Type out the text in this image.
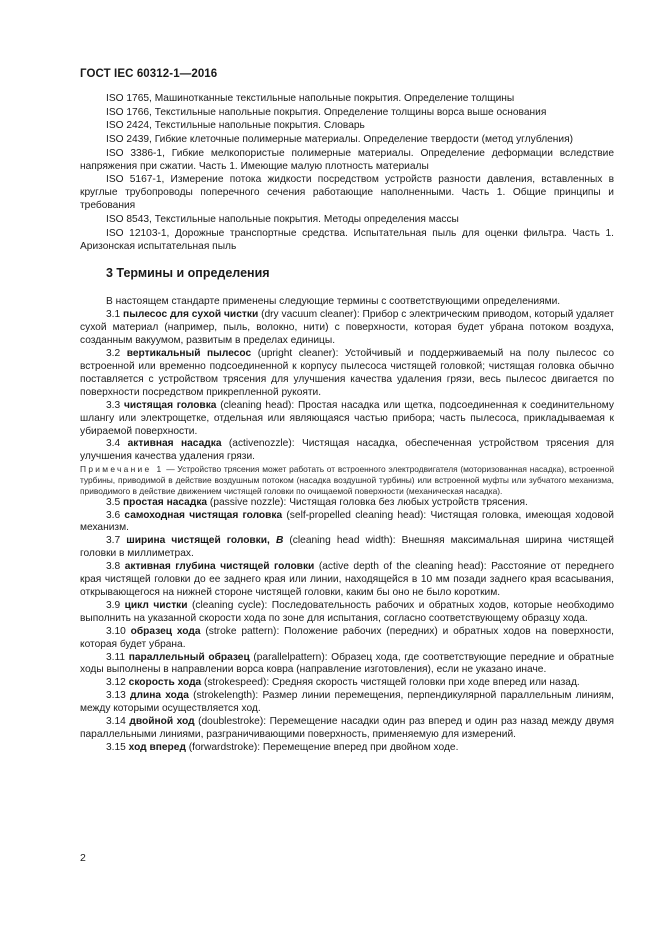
ГОСТ IEC 60312-1—2016

ISO 1765, Машинотканные текстильные напольные покрытия. Определение толщины

ISO 1766, Текстильные напольные покрытия. Определение толщины ворса выше основания

ISO 2424, Текстильные напольные покрытия. Словарь

ISO 2439, Гибкие клеточные полимерные материалы. Определение твердости (метод углубления)

ISO 3386-1, Гибкие мелкопористые полимерные материалы. Определение деформации вследствие напряжения при сжатии. Часть 1. Имеющие малую плотность материалы

ISO 5167-1, Измерение потока жидкости посредством устройств разности давления, вставленных в круглые трубопроводы поперечного сечения работающие наполненными. Часть 1. Общие принципы и требования

ISO 8543, Текстильные напольные покрытия. Методы определения массы

ISO 12103-1, Дорожные транспортные средства. Испытательная пыль для оценки фильтра. Часть 1. Аризонская испытательная пыль

3 Термины и определения

В настоящем стандарте применены следующие термины с соответствующими определениями.

3.1 пылесос для сухой чистки (dry vacuum cleaner): Прибор с электрическим приводом, который удаляет сухой материал (например, пыль, волокно, нити) с поверхности, которая будет убрана потоком воздуха, созданным вакуумом, развитым в пределах единицы.

3.2 вертикальный пылесос (upright cleaner): Устойчивый и поддерживаемый на полу пылесос со встроенной или временно подсоединенной к корпусу пылесоса чистящей головкой; чистящая головка обычно поставляется с устройством трясения для улучшения качества удаления грязи, весь пылесос двигается по поверхности посредством прикрепленной рукояти.

3.3 чистящая головка (cleaning head): Простая насадка или щетка, подсоединенная к соединительному шлангу или электрощетке, отдельная или являющаяся частью прибора; часть пылесоса, прикладываемая к убираемой поверхности.

3.4 активная насадка (activenozzle): Чистящая насадка, обеспеченная устройством трясения для улучшения качества удаления грязи.

Примечание 1 — Устройство трясения может работать от встроенного электродвигателя (моторизованная насадка), встроенной турбины, приводимой в действие воздушным потоком (насадка воздушной турбины) или встроенной муфты или зубчатого механизма, приводимого в действие движением чистящей головки по очищаемой поверхности (механическая насадка).

3.5 простая насадка (passive nozzle): Чистящая головка без любых устройств трясения.

3.6 самоходная чистящая головка (self-propelled cleaning head): Чистящая головка, имеющая ходовой механизм.

3.7 ширина чистящей головки, B (cleaning head width): Внешняя максимальная ширина чистящей головки в миллиметрах.

3.8 активная глубина чистящей головки (active depth of the cleaning head): Расстояние от переднего края чистящей головки до ее заднего края или линии, находящейся в 10 мм позади заднего края всасывания, открывающегося на нижней стороне чистящей головки, каким бы оно не было коротким.

3.9 цикл чистки (cleaning cycle): Последовательность рабочих и обратных ходов, которые необходимо выполнить на указанной скорости хода по зоне для испытания, согласно соответствующему образцу хода.

3.10 образец хода (stroke pattern): Положение рабочих (передних) и обратных ходов на поверхности, которая будет убрана.

3.11 параллельный образец (parallelpattern): Образец хода, где соответствующие передние и обратные ходы выполнены в направлении ворса ковра (направление изготовления), если не указано иначе.

3.12 скорость хода (strokespeed): Средняя скорость чистящей головки при ходе вперед или назад.

3.13 длина хода (strokelength): Размер линии перемещения, перпендикулярной параллельным линиям, между которыми осуществляется ход.

3.14 двойной ход (doublestroke): Перемещение насадки один раз вперед и один раз назад между двумя параллельными линиями, разграничивающими поверхность, применяемую для измерений.

3.15 ход вперед (forwardstroke): Перемещение вперед при двойном ходе.

2
